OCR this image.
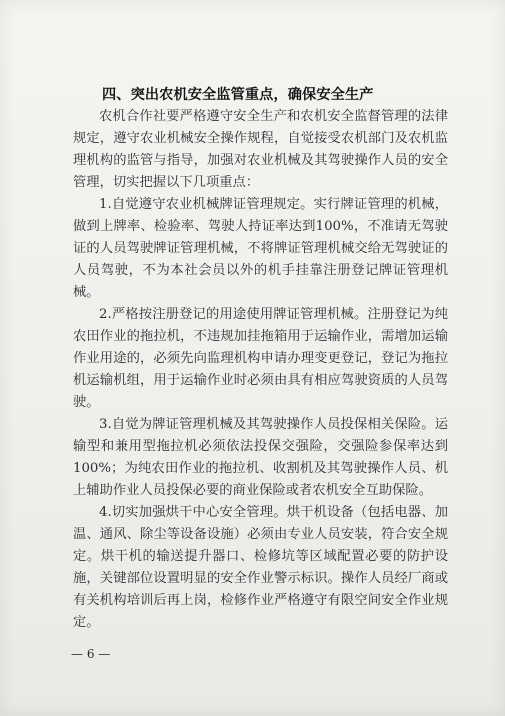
四、突出农机安全监管重点，确保安全生产

农机合作社要严格遵守安全生产和农机安全监督管理的法律规定，遵守农业机械安全操作规程，自觉接受农机部门及农机监理机构的监管与指导，加强对农业机械及其驾驶操作人员的安全管理，切实把握以下几项重点：

1.自觉遵守农业机械牌证管理规定。实行牌证管理的机械，做到上牌率、检验率、驾驶人持证率达到100%，不准请无驾驶证的人员驾驶牌证管理机械，不将牌证管理机械交给无驾驶证的人员驾驶，不为本社会员以外的机手挂靠注册登记牌证管理机械。

2.严格按注册登记的用途使用牌证管理机械。注册登记为纯农田作业的拖拉机，不违规加挂拖箱用于运输作业，需增加运输作业用途的，必须先向监理机构申请办理变更登记，登记为拖拉机运输机组，用于运输作业时必须由具有相应驾驶资质的人员驾驶。

3.自觉为牌证管理机械及其驾驶操作人员投保相关保险。运输型和兼用型拖拉机必须依法投保交强险，交强险参保率达到100%；为纯农田作业的拖拉机、收割机及其驾驶操作人员、机上辅助作业人员投保必要的商业保险或者农机安全互助保险。

4.切实加强烘干中心安全管理。烘干机设备（包括电器、加温、通风、除尘等设备设施）必须由专业人员安装，符合安全规定。烘干机的输送提升器口、检修坑等区域配置必要的防护设施，关键部位设置明显的安全作业警示标识。操作人员经厂商或有关机构培训后再上岗，检修作业严格遵守有限空间安全作业规定。

— 6 —
